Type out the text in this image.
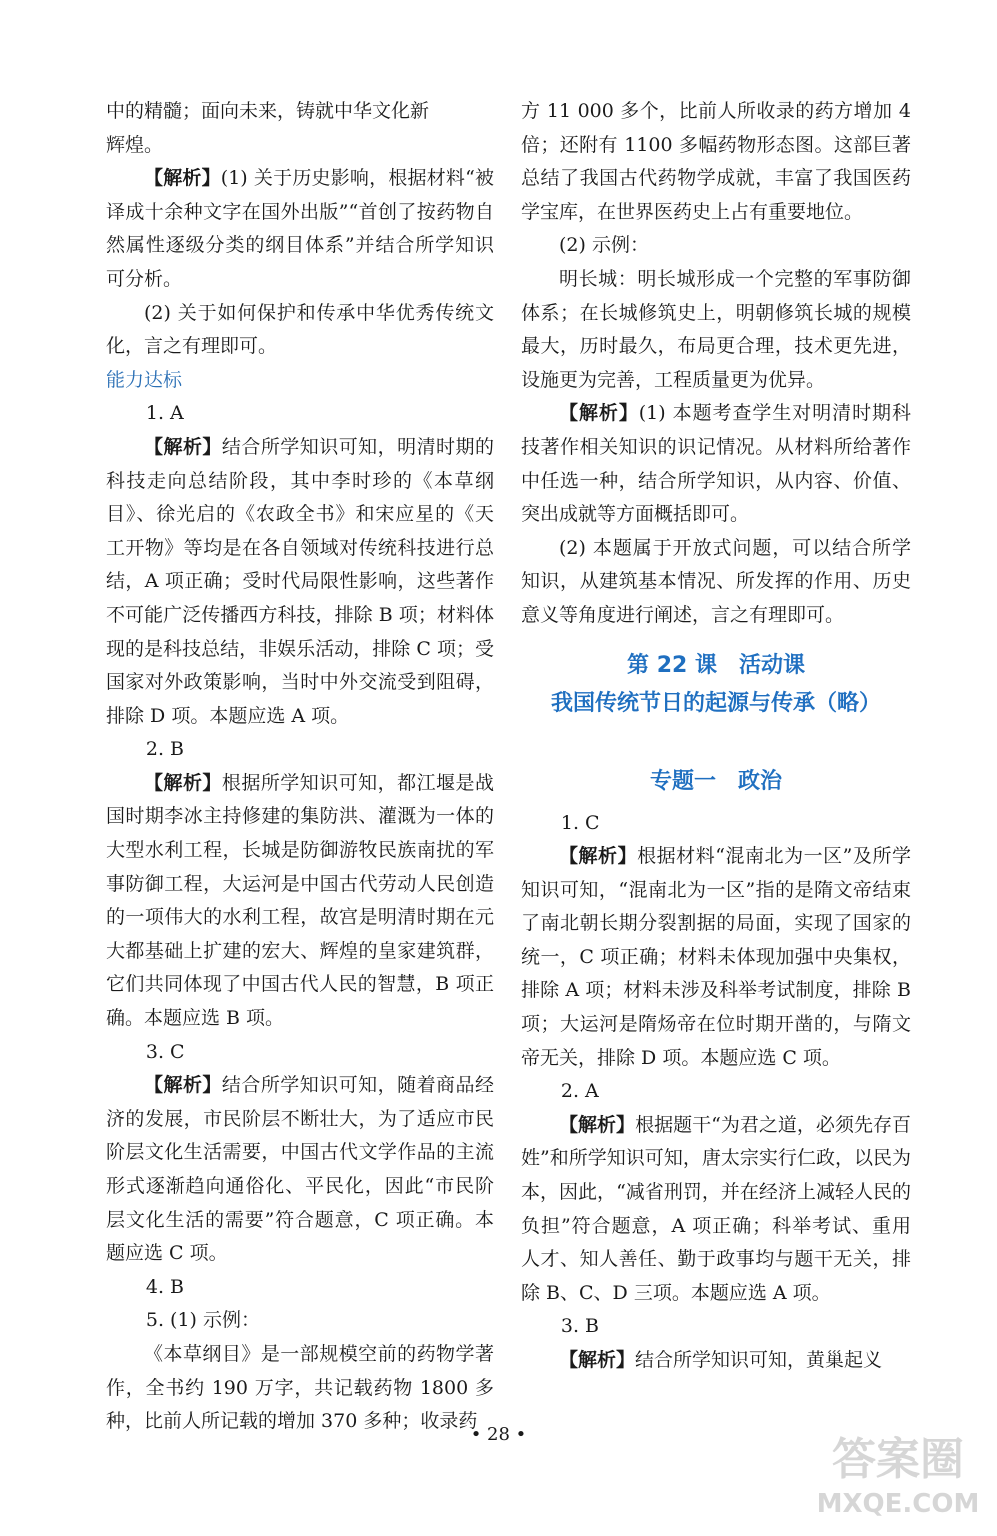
中的精髓；面向未来，铸就中华文化新

辉煌。

【解析】(1) 关于历史影响，根据材料“被译成十余种文字在国外出版”“首创了按药物自然属性逐级分类的纲目体系”并结合所学知识可分析。

(2) 关于如何保护和传承中华优秀传统文化，言之有理即可。

能力达标

1. A

【解析】结合所学知识可知，明清时期的科技走向总结阶段，其中李时珍的《本草纲目》、徐光启的《农政全书》和宋应星的《天工开物》等均是在各自领域对传统科技进行总结，A 项正确；受时代局限性影响，这些著作不可能广泛传播西方科技，排除 B 项；材料体现的是科技总结，非娱乐活动，排除 C 项；受国家对外政策影响，当时中外交流受到阻碍，排除 D 项。本题应选 A 项。

2. B

【解析】根据所学知识可知，都江堰是战国时期李冰主持修建的集防洪、灌溉为一体的大型水利工程，长城是防御游牧民族南扰的军事防御工程，大运河是中国古代劳动人民创造的一项伟大的水利工程，故宫是明清时期在元大都基础上扩建的宏大、辉煌的皇家建筑群，它们共同体现了中国古代人民的智慧，B 项正确。本题应选 B 项。

3. C

【解析】结合所学知识可知，随着商品经济的发展，市民阶层不断壮大，为了适应市民阶层文化生活需要，中国古代文学作品的主流形式逐渐趋向通俗化、平民化，因此“市民阶层文化生活的需要”符合题意，C 项正确。本题应选 C 项。

4. B

5. (1) 示例：

《本草纲目》是一部规模空前的药物学著作，全书约 190 万字，共记载药物 1800 多种，比前人所记载的增加 370 多种；收录药

方 11 000 多个，比前人所收录的药方增加 4 倍；还附有 1100 多幅药物形态图。这部巨著总结了我国古代药物学成就，丰富了我国医药学宝库，在世界医药史上占有重要地位。

(2) 示例：

明长城：明长城形成一个完整的军事防御体系；在长城修筑史上，明朝修筑长城的规模最大，历时最久，布局更合理，技术更先进，设施更为完善，工程质量更为优异。

【解析】(1) 本题考查学生对明清时期科技著作相关知识的识记情况。从材料所给著作中任选一种，结合所学知识，从内容、价值、突出成就等方面概括即可。

(2) 本题属于开放式问题，可以结合所学知识，从建筑基本情况、所发挥的作用、历史意义等角度进行阐述，言之有理即可。

第 22 课　活动课

我国传统节日的起源与传承（略）

专题一　政治

1. C

【解析】根据材料“混南北为一区”及所学知识可知，“混南北为一区”指的是隋文帝结束了南北朝长期分裂割据的局面，实现了国家的统一，C 项正确；材料未体现加强中央集权，排除 A 项；材料未涉及科举考试制度，排除 B 项；大运河是隋炀帝在位时期开凿的，与隋文帝无关，排除 D 项。本题应选 C 项。

2. A

【解析】根据题干“为君之道，必须先存百姓”和所学知识可知，唐太宗实行仁政，以民为本，因此，“减省刑罚，并在经济上减轻人民的负担”符合题意，A 项正确；科举考试、重用人才、知人善任、勤于政事均与题干无关，排除 B、C、D 三项。本题应选 A 项。

3. B

【解析】结合所学知识可知，黄巢起义

• 28 •	答案圈
MXQE.COM
